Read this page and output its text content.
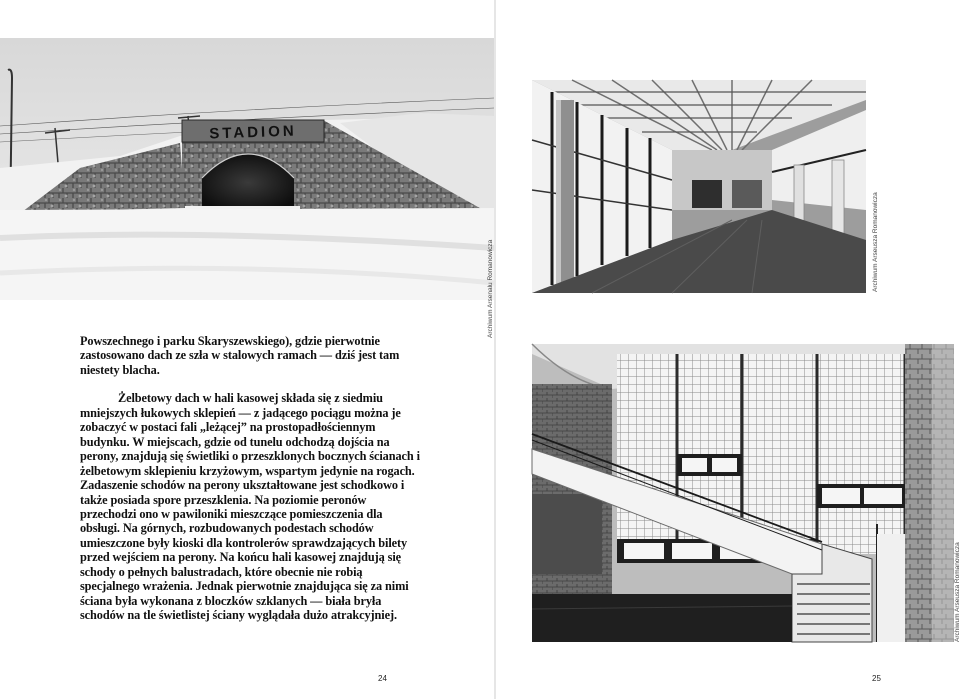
STADION
Archiwum Arsenalu Romanowicza

Powszechnego i parku Skaryszewskiego), gdzie pierwotnie zastosowano dach ze szła w stalowych ramach — dziś jest tam niestety blacha.

Żelbetowy dach w hali kasowej składa się z siedmiu mniejszych łukowych sklepień — z jadącego pociągu można je zobaczyć w postaci fali „leżącej” na prostopadłościennym budynku. W miejscach, gdzie od tunelu odchodzą dojścia na perony, znajdują się świetliki o przeszklonych bocznych ścianach i żelbetowym sklepieniu krzyżowym, wspartym jedynie na rogach. Zadaszenie schodów na perony ukształtowane jest schodkowo i także posiada spore przeszklenia. Na poziomie peronów przechodzi ono w pawiloniki mieszczące pomieszczenia dla obsługi. Na górnych, rozbudowanych podestach schodów umieszczone były kioski dla kontrolerów sprawdzających bilety przed wejściem na perony. Na końcu hali kasowej znajdują się schody o pełnych balustradach, które obecnie nie robią specjalnego wrażenia. Jednak pierwotnie znajdująca się za nimi ściana była wykonana z bloczków szklanych — biała bryła schodów na tle świetlistej ściany wyglądała dużo atrakcyjniej.

24
Archiwum Arseusza Romanowicza
Archiwum Arseusza Romanowicza
25
